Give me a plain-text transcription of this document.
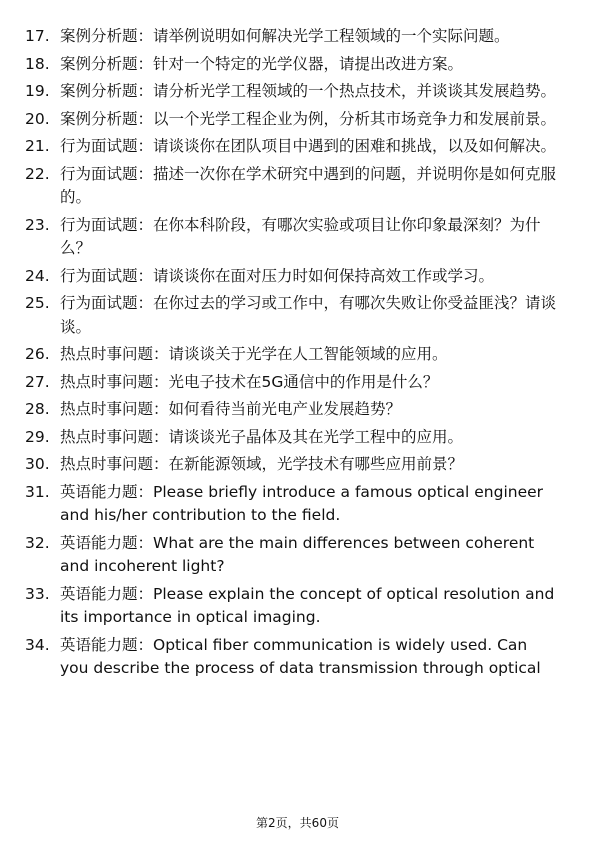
17. 案例分析题：请举例说明如何解决光学工程领域的一个实际问题。
18. 案例分析题：针对一个特定的光学仪器，请提出改进方案。
19. 案例分析题：请分析光学工程领域的一个热点技术，并谈谈其发展趋势。
20. 案例分析题：以一个光学工程企业为例，分析其市场竞争力和发展前景。
21. 行为面试题：请谈谈你在团队项目中遇到的困难和挑战，以及如何解决。
22. 行为面试题：描述一次你在学术研究中遇到的问题，并说明你是如何克服的。
23. 行为面试题：在你本科阶段，有哪次实验或项目让你印象最深刻？为什么？
24. 行为面试题：请谈谈你在面对压力时如何保持高效工作或学习。
25. 行为面试题：在你过去的学习或工作中，有哪次失败让你受益匪浅？请谈谈。
26. 热点时事问题：请谈谈关于光学在人工智能领域的应用。
27. 热点时事问题：光电子技术在5G通信中的作用是什么？
28. 热点时事问题：如何看待当前光电产业发展趋势？
29. 热点时事问题：请谈谈光子晶体及其在光学工程中的应用。
30. 热点时事问题：在新能源领域，光学技术有哪些应用前景？
31. 英语能力题：Please briefly introduce a famous optical engineer and his/her contribution to the field.
32. 英语能力题：What are the main differences between coherent and incoherent light?
33. 英语能力题：Please explain the concept of optical resolution and its importance in optical imaging.
34. 英语能力题：Optical fiber communication is widely used. Can you describe the process of data transmission through optical
第2页，共60页
